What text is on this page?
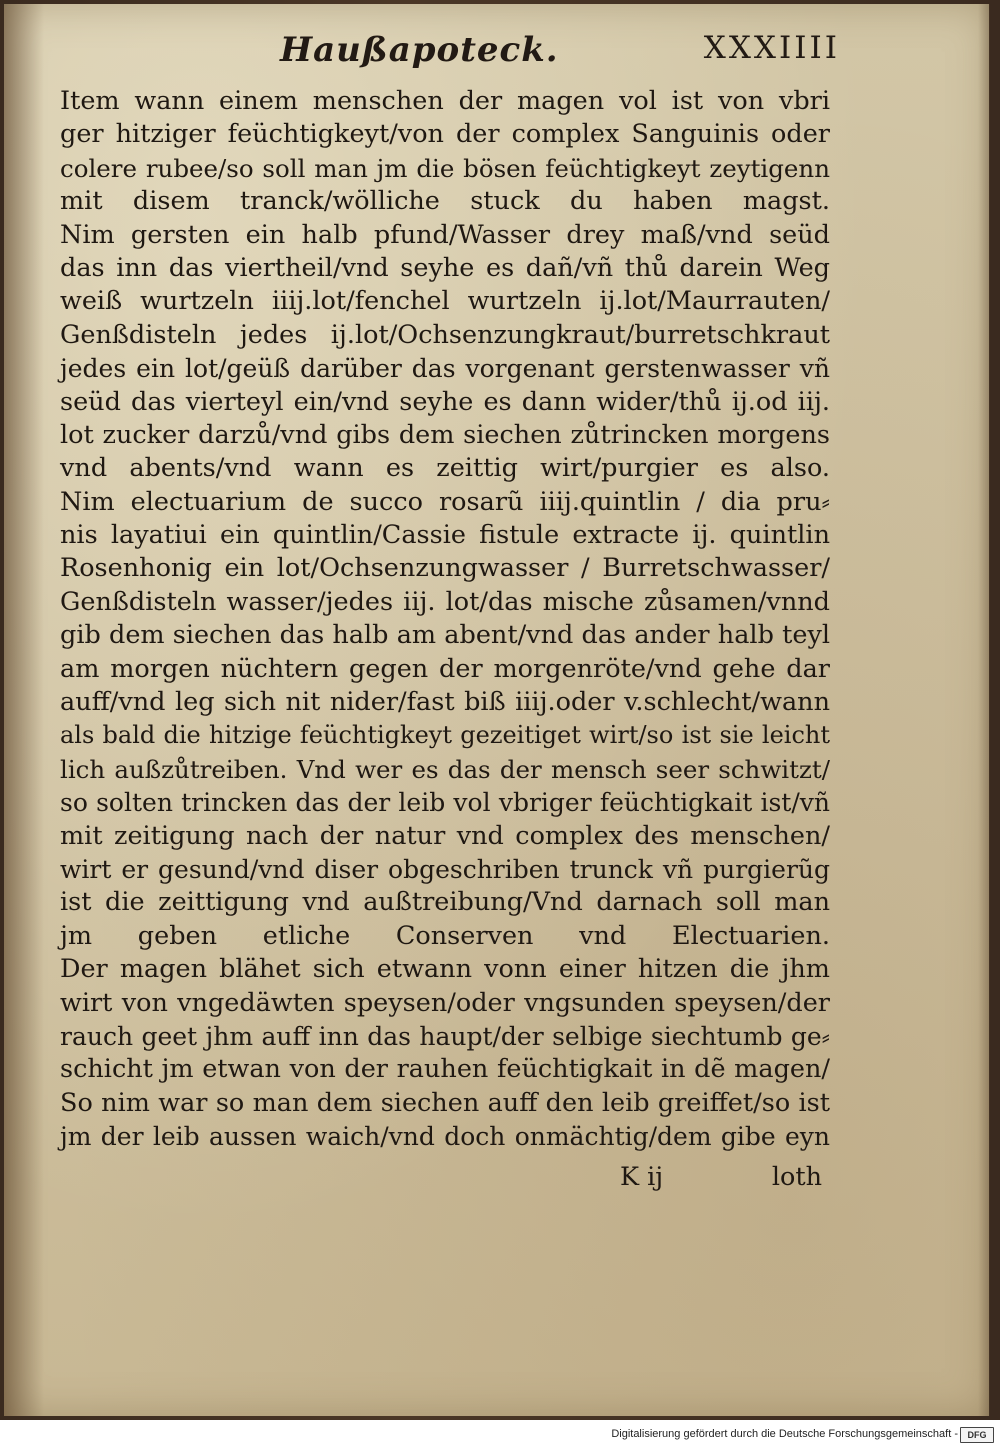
Haußapoteck.	XXXIIII
Item wann einem menschen der magen vol ist von vbri
ger hitziger feüchtigkeyt/von der complex Sanguinis oder
colere rubee/so soll man jm die bösen feüchtigkeyt zeytigenn
mit disem tranck/wölliche stuck du haben magst.
Nim gersten ein halb pfund/Wasser drey maß/vnd seüd
das inn das viertheil/vnd seyhe es dañ/vñ thů darein Weg
weiß wurtzeln iiij.lot/fenchel wurtzeln ij.lot/Maurrauten/
Genßdisteln jedes ij.lot/Ochsenzungkraut/burretschkraut
jedes ein lot/geüß darüber das vorgenant gerstenwasser vñ
seüd das vierteyl ein/vnd seyhe es dann wider/thů ij.od iij.
lot zucker darzů/vnd gibs dem siechen zůtrincken morgens
vnd abents/vnd wann es zeittig wirt/purgier es also.
Nim electuarium de succo rosarũ iiij.quintlin / dia pru⸗
nis layatiui ein quintlin/Cassie fistule extracte ij. quintlin
Rosenhonig ein lot/Ochsenzungwasser / Burretschwasser/
Genßdisteln wasser/jedes iij. lot/das mische zůsamen/vnnd
gib dem siechen das halb am abent/vnd das ander halb teyl
am morgen nüchtern gegen der morgenröte/vnd gehe dar
auff/vnd leg sich nit nider/fast biß iiij.oder v.schlecht/wann
als bald die hitzige feüchtigkeyt gezeitiget wirt/so ist sie leicht
lich außzůtreiben. Vnd wer es das der mensch seer schwitzt/
so solten trincken das der leib vol vbriger feüchtigkait ist/vñ
mit zeitigung nach der natur vnd complex des menschen/
wirt er gesund/vnd diser obgeschriben trunck vñ purgierũg
ist die zeittigung vnd außtreibung/Vnd darnach soll man
jm geben etliche Conserven vnd Electuarien.
Der magen blähet sich etwann vonn einer hitzen die jhm
wirt von vngedäwten speysen/oder vngsunden speysen/der
rauch geet jhm auff inn das haupt/der selbige siechtumb ge⸗
schicht jm etwan von der rauhen feüchtigkait in dẽ magen/
So nim war so man dem siechen auff den leib greiffet/so ist
jm der leib aussen waich/vnd doch onmächtig/dem gibe eyn
K ij	loth
Digitalisierung gefördert durch die Deutsche Forschungsgemeinschaft -	DFG
